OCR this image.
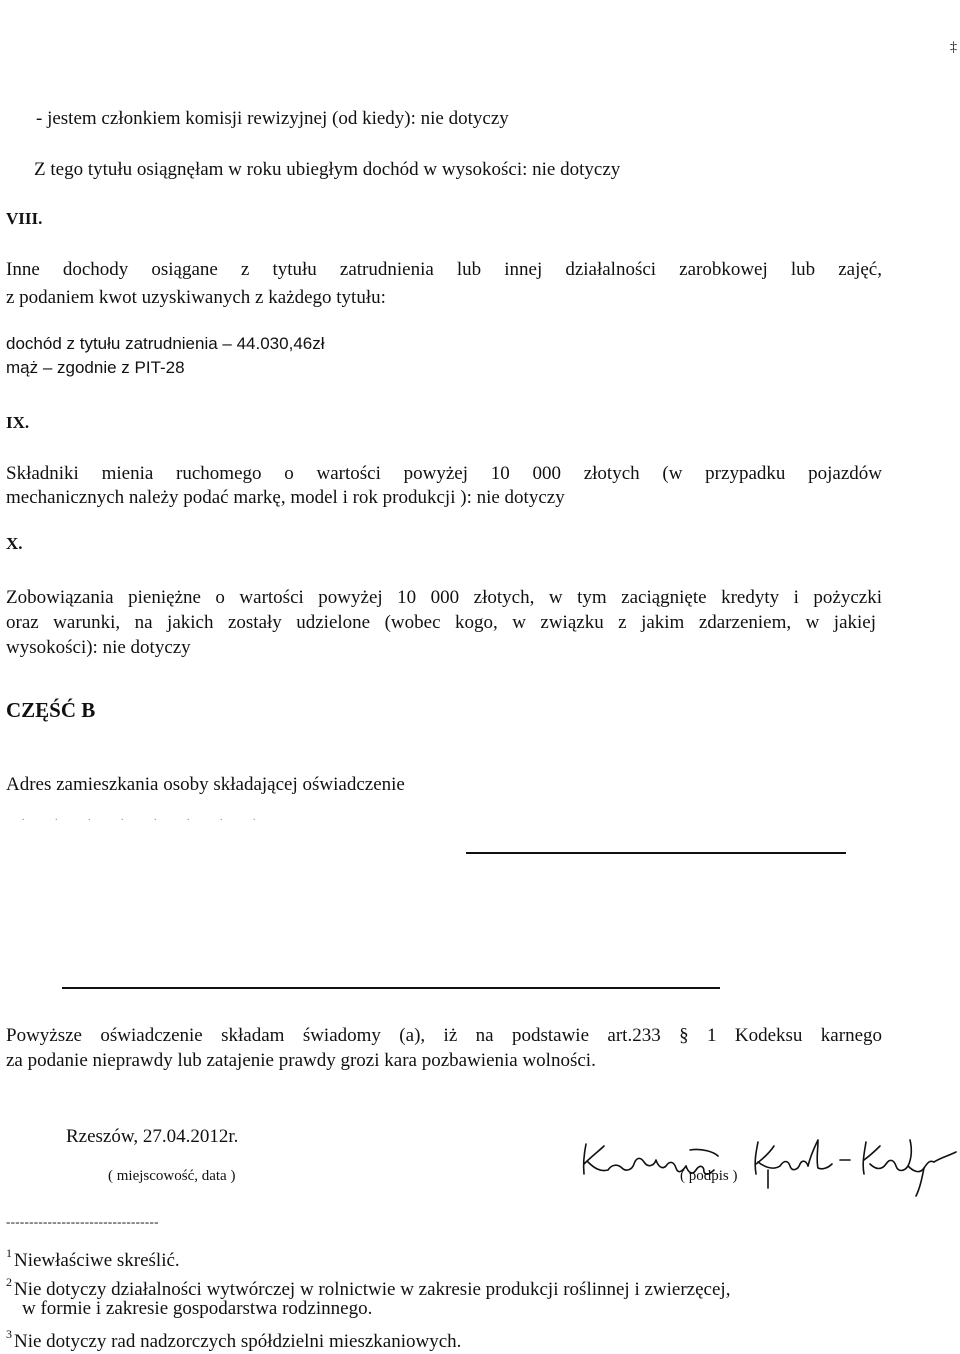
‡
- jestem członkiem komisji rewizyjnej (od kiedy): nie dotyczy
Z tego tytułu osiągnęłam w roku ubiegłym dochód w wysokości: nie dotyczy
VIII.
Inne dochody osiągane z tytułu zatrudnienia lub innej działalności zarobkowej lub zajęć,
z podaniem kwot uzyskiwanych z każdego tytułu:
dochód z tytułu zatrudnienia – 44.030,46zł
mąż – zgodnie z PIT-28
IX.
Składniki mienia ruchomego o wartości powyżej 10 000 złotych (w przypadku pojazdów
mechanicznych należy podać markę, model i rok produkcji ): nie dotyczy
X.
Zobowiązania pieniężne o wartości powyżej 10 000 złotych, w tym zaciągnięte kredyty i pożyczki
oraz warunki, na jakich zostały udzielone (wobec kogo, w związku z jakim zdarzeniem, w jakiej
wysokości): nie dotyczy
CZĘŚĆ B
Adres zamieszkania osoby składającej oświadczenie
. . . . . . . .
Powyższe oświadczenie składam świadomy (a), iż na podstawie art.233 § 1 Kodeksu karnego
za podanie nieprawdy lub zatajenie prawdy grozi kara pozbawienia wolności.
Rzeszów, 27.04.2012r.
( miejscowość, data )	( podpis )
---------------------------------
$^1$ Niewłaściwe skreślić.
$^2$ Nie dotyczy działalności wytwórczej w rolnictwie w zakresie produkcji roślinnej i zwierzęcej,
w formie i zakresie gospodarstwa rodzinnego.
$^3$ Nie dotyczy rad nadzorczych spółdzielni mieszkaniowych.
